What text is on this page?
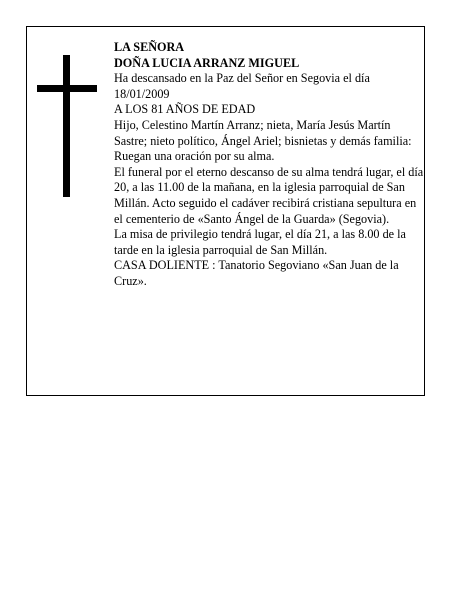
LA SEÑORA

DOÑA LUCIA ARRANZ MIGUEL

Ha descansado en la Paz del Señor en Segovia el día 18/01/2009

A LOS 81 AÑOS DE EDAD

Hijo, Celestino Martín Arranz; nieta, María Jesús Martín Sastre; nieto político, Ángel Ariel; bisnietas y demás familia:

Ruegan una oración por su alma.

El funeral por el eterno descanso de su alma tendrá lugar, el día 20, a las 11.00 de la mañana, en la iglesia parroquial de San Millán. Acto seguido el cadáver recibirá cristiana sepultura en el cementerio de «Santo Ángel de la Guarda» (Segovia).

La misa de privilegio tendrá lugar, el día 21, a las 8.00 de la tarde en la iglesia parroquial de San Millán.

CASA DOLIENTE : Tanatorio Segoviano «San Juan de la Cruz».
